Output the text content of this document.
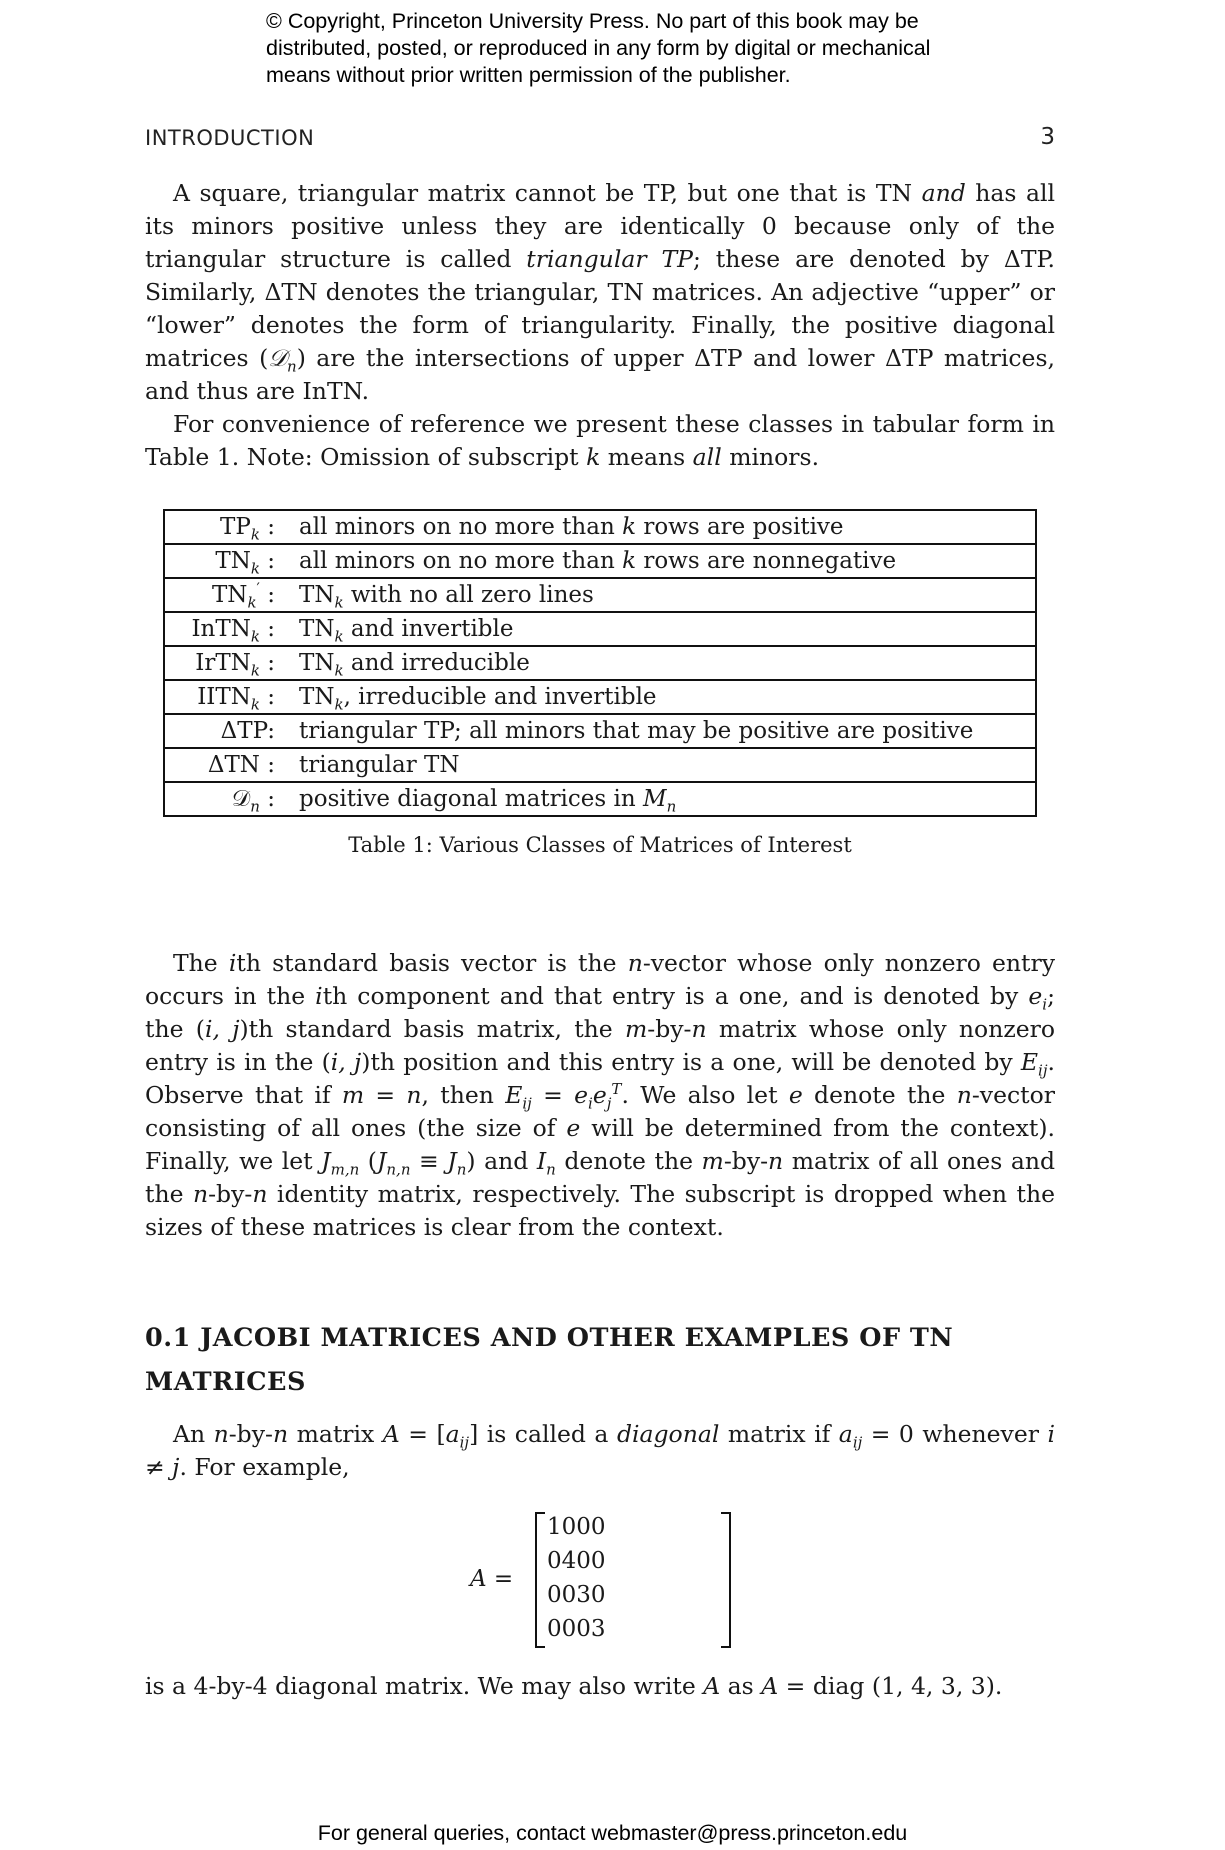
© Copyright, Princeton University Press. No part of this book may be
distributed, posted, or reproduced in any form by digital or mechanical
means without prior written permission of the publisher.
INTRODUCTION	3

A square, triangular matrix cannot be TP, but one that is TN and has all its minors positive unless they are identically 0 because only of the triangular structure is called triangular TP; these are denoted by ΔTP. Similarly, ΔTN denotes the triangular, TN matrices. An adjective “upper” or “lower” denotes the form of triangularity. Finally, the positive diagonal matrices (𝒟$_n$) are the intersections of upper ΔTP and lower ΔTP matrices, and thus are InTN.

For convenience of reference we present these classes in tabular form in Table 1. Note: Omission of subscript k means all minors.

$TP_k$ :	all minors on no more than k rows are positive
$TN_k$ :	all minors on no more than k rows are nonnegative
$TN_k'$ :	$TN_k$ with no all zero lines
InTN$_k$ :	$TN_k$ and invertible
IrTN$_k$ :	$TN_k$ and irreducible
$IITN_k$ :	$TN_k$, irreducible and invertible
ΔTP:	triangular TP; all minors that may be positive are positive
ΔTN :	triangular TN
𝒟$_n$ :	positive diagonal matrices in $M_n$
Table 1: Various Classes of Matrices of Interest

The ith standard basis vector is the n-vector whose only nonzero entry occurs in the ith component and that entry is a one, and is denoted by $e_i$; the (i, j)th standard basis matrix, the m-by-n matrix whose only nonzero entry is in the (i, j)th position and this entry is a one, will be denoted by $E_{ij}$. Observe that if m = n, then $E_{ij} = e_ie_j^T$. We also let e denote the n-vector consisting of all ones (the size of e will be determined from the context). Finally, we let $J_{m,n}$ $(J_{n,n} \equiv J_n)$ and $I_n$ denote the m-by-n matrix of all ones and the n-by-n identity matrix, respectively. The subscript is dropped when the sizes of these matrices is clear from the context.

0.1 JACOBI MATRICES AND OTHER EXAMPLES OF TN
MATRICES

An n-by-n matrix $A = [a_{ij}]$ is called a diagonal matrix if $a_{ij} = 0$ whenever i ≠ j. For example,

A =
1	0	0	0
0	4	0	0
0	0	3	0
0	0	0	3

is a 4-by-4 diagonal matrix. We may also write A as A = diag (1, 4, 3, 3).

For general queries, contact webmaster@press.princeton.edu
